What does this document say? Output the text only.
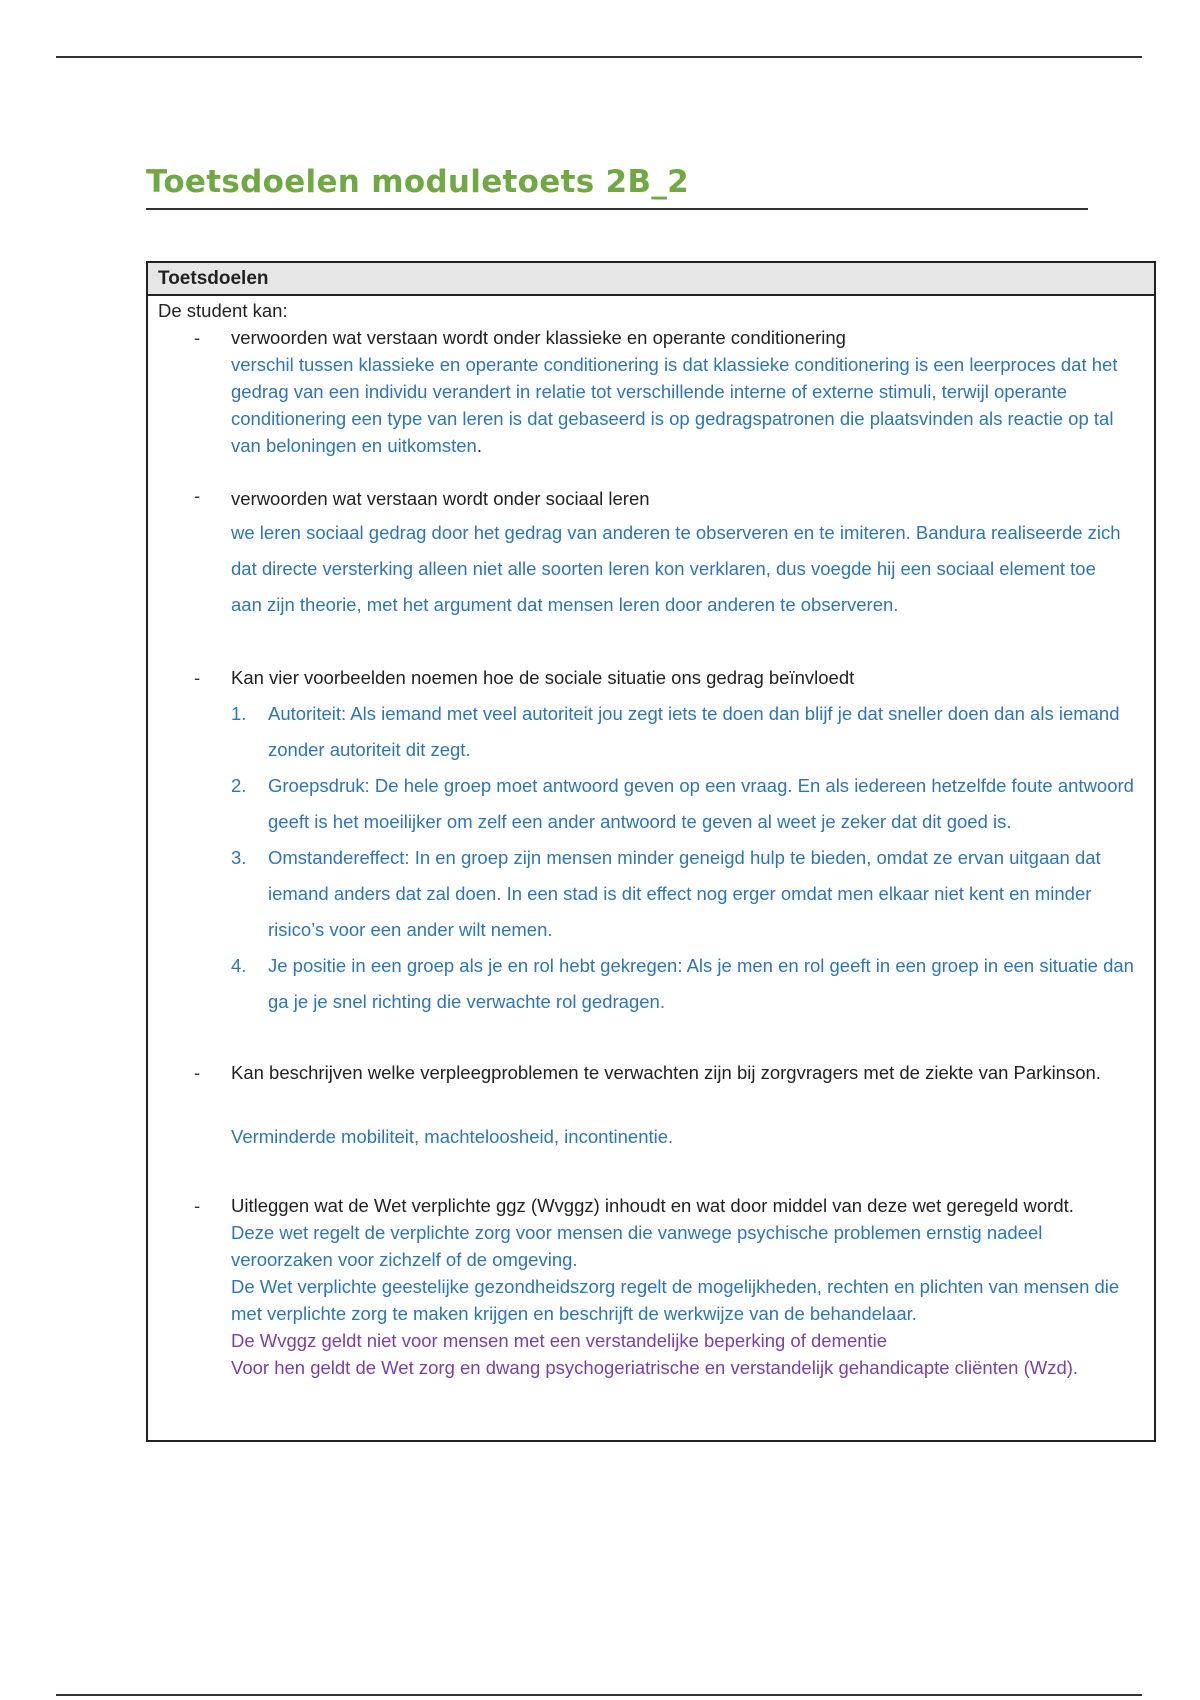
Toetsdoelen moduletoets 2B_2
Toetsdoelen

De student kan:

- verwoorden wat verstaan wordt onder klassieke en operante conditionering

verschil tussen klassieke en operante conditionering is dat klassieke conditionering is een leerproces dat het gedrag van een individu verandert in relatie tot verschillende interne of externe stimuli, terwijl operante conditionering een type van leren is dat gebaseerd is op gedragspatronen die plaatsvinden als reactie op tal van beloningen en uitkomsten.

- verwoorden wat verstaan wordt onder sociaal leren

we leren sociaal gedrag door het gedrag van anderen te observeren en te imiteren. Bandura realiseerde zich dat directe versterking alleen niet alle soorten leren kon verklaren, dus voegde hij een sociaal element toe aan zijn theorie, met het argument dat mensen leren door anderen te observeren.

- Kan vier voorbeelden noemen hoe de sociale situatie ons gedrag beïnvloedt

1. Autoriteit: Als iemand met veel autoriteit jou zegt iets te doen dan blijf je dat sneller doen dan als iemand zonder autoriteit dit zegt.
2. Groepsdruk: De hele groep moet antwoord geven op een vraag. En als iedereen hetzelfde foute antwoord geeft is het moeilijker om zelf een ander antwoord te geven al weet je zeker dat dit goed is.
3. Omstandereffect: In en groep zijn mensen minder geneigd hulp te bieden, omdat ze ervan uitgaan dat iemand anders dat zal doen. In een stad is dit effect nog erger omdat men elkaar niet kent en minder risico’s voor een ander wilt nemen.
4. Je positie in een groep als je en rol hebt gekregen: Als je men en rol geeft in een groep in een situatie dan ga je je snel richting die verwachte rol gedragen.
- Kan beschrijven welke verpleegproblemen te verwachten zijn bij zorgvragers met de ziekte van Parkinson.

Verminderde mobiliteit, machteloosheid, incontinentie.

- Uitleggen wat de Wet verplichte ggz (Wvggz) inhoudt en wat door middel van deze wet geregeld wordt.

Deze wet regelt de verplichte zorg voor mensen die vanwege psychische problemen ernstig nadeel veroorzaken voor zichzelf of de omgeving.

De Wet verplichte geestelijke gezondheidszorg regelt de mogelijkheden, rechten en plichten van mensen die met verplichte zorg te maken krijgen en beschrijft de werkwijze van de behandelaar.

De Wvggz geldt niet voor mensen met een verstandelijke beperking of dementie

Voor hen geldt de Wet zorg en dwang psychogeriatrische en verstandelijk gehandicapte cliënten (Wzd).
